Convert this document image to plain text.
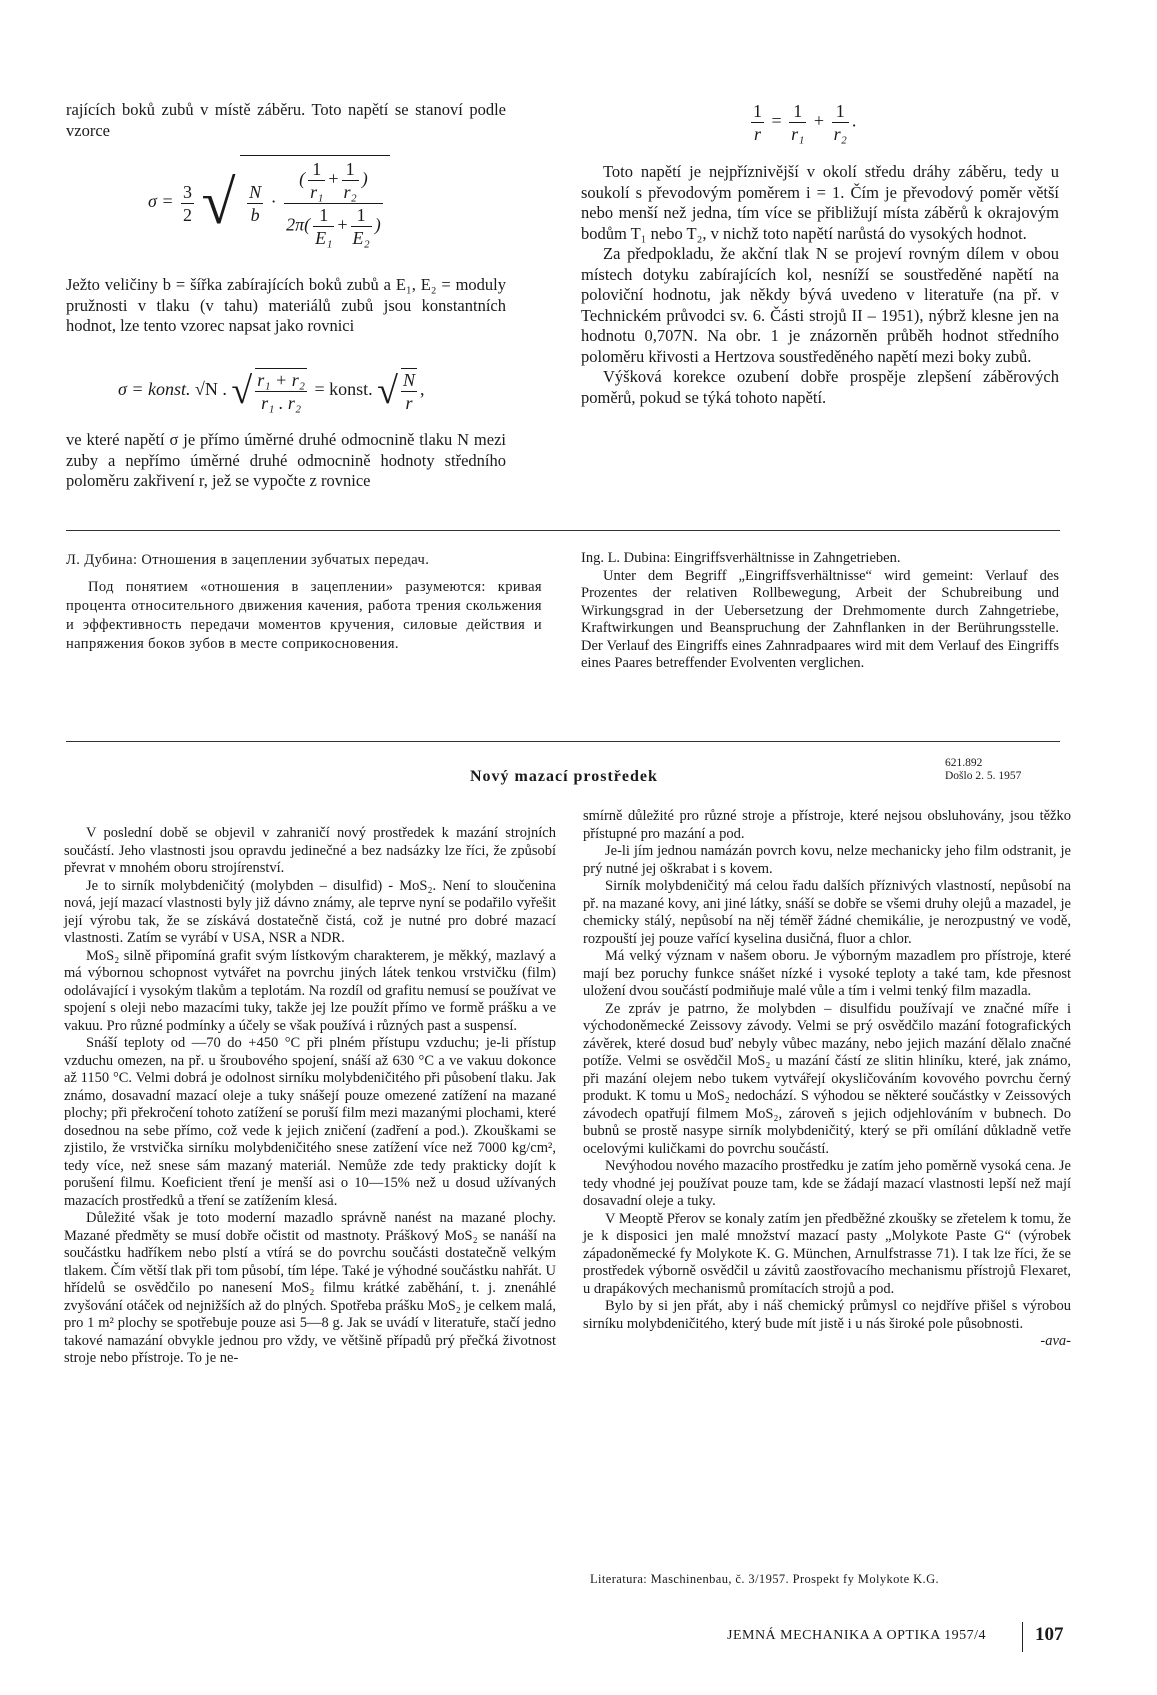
rajících boků zubů v místě záběru. Toto napětí se stanoví podle vzorce

$\sigma = \frac{3}{2}$ √ $\frac{N}{b} \cdot \frac{( \frac{1}{\text{r₁}} + \frac{1}{\text{r₂}} )}{2\pi( \frac{1}{\text{E₁}} + \frac{1}{\text{E₂}} )}$

Ježto veličiny b = šířka zabírajících boků zubů a E₁, E₂ = moduly pružnosti v tlaku (v tahu) materiálů zubů jsou konstantních hodnot, lze tento vzorec napsat jako rovnici

σ = konst. √N . √ $\frac{\text{r₁ + r₂}}{\text{r₁ . r₂}}$ = konst. √ $\frac{N}{r}$ ,

ve které napětí σ je přímo úměrné druhé odmocnině tlaku N mezi zuby a nepřímo úměrné druhé odmocnině hodnoty středního poloměru zakřivení r, jež se vypočte z rovnice

$\frac{1}{r} = \frac{1}{\text{r₁}} + \frac{1}{\text{r₂}}$ .

Toto napětí je nejpříznivější v okolí středu dráhy záběru, tedy u soukolí s převodovým poměrem i = 1. Čím je převodový poměr větší nebo menší než jedna, tím více se přibližují místa záběrů k okrajovým bodům T₁ nebo T₂, v nichž toto napětí narůstá do vysokých hodnot.

Za předpokladu, že akční tlak N se projeví rovným dílem v obou místech dotyku zabírajících kol, nesníží se soustředěné napětí na poloviční hodnotu, jak někdy bývá uvedeno v literatuře (na př. v Technickém průvodci sv. 6. Části strojů II – 1951), nýbrž klesne jen na hodnotu 0,707N. Na obr. 1 je znázorněn průběh hodnot středního poloměru křivosti a Hertzova soustředěného napětí mezi boky zubů.

Výšková korekce ozubení dobře prospěje zlepšení záběrových poměrů, pokud se týká tohoto napětí.

Л. Дубина: Отношения в зацеплении зубчатых передач.

Под понятием «отношения в зацеплении» разумеются: кривая процента относительного движения качения, работа трения скольжения и эффективность передачи моментов кручения, силовые действия и напряжения боков зубов в месте соприкосновения.

Ing. L. Dubina: Eingriffsverhältnisse in Zahngetrieben.

Unter dem Begriff „Eingriffsverhältnisse“ wird gemeint: Verlauf des Prozentes der relativen Rollbewegung, Arbeit der Schubreibung und Wirkungsgrad in der Uebersetzung der Drehmomente durch Zahngetriebe, Kraftwirkungen und Beanspruchung der Zahnflanken in der Berührungsstelle. Der Verlauf des Eingriffs eines Zahnradpaares wird mit dem Verlauf des Eingriffs eines Paares betreffender Evolventen verglichen.

Nový mazací prostředek
621.892
Došlo 2. 5. 1957

V poslední době se objevil v zahraničí nový prostředek k mazání strojních součástí. Jeho vlastnosti jsou opravdu jedinečné a bez nadsázky lze říci, že způsobí převrat v mnohém oboru strojírenství.

Je to sirník molybdeničitý (molybden – disulfid) - MoS₂. Není to sloučenina nová, její mazací vlastnosti byly již dávno známy, ale teprve nyní se podařilo vyřešit její výrobu tak, že se získává dostatečně čistá, což je nutné pro dobré mazací vlastnosti. Zatím se vyrábí v USA, NSR a NDR.

MoS₂ silně připomíná grafit svým lístkovým charakterem, je měkký, mazlavý a má výbornou schopnost vytvářet na povrchu jiných látek tenkou vrstvičku (film) odolávající i vysokým tlakům a teplotám. Na rozdíl od grafitu nemusí se používat ve spojení s oleji nebo mazacími tuky, takže jej lze použít přímo ve formě prášku a ve vakuu. Pro různé podmínky a účely se však používá i různých past a suspensí.

Snáší teploty od —70 do +450 °C při plném přístupu vzduchu; je-li přístup vzduchu omezen, na př. u šroubového spojení, snáší až 630 °C a ve vakuu dokonce až 1150 °C. Velmi dobrá je odolnost sirníku molybdeničitého při působení tlaku. Jak známo, dosavadní mazací oleje a tuky snášejí pouze omezené zatížení na mazané plochy; při překročení tohoto zatížení se poruší film mezi mazanými plochami, které dosednou na sebe přímo, což vede k jejich zničení (zadření a pod.). Zkouškami se zjistilo, že vrstvička sirníku molybdeničitého snese zatížení více než 7000 kg/cm², tedy více, než snese sám mazaný materiál. Nemůže zde tedy prakticky dojít k porušení filmu. Koeficient tření je menší asi o 10—15% než u dosud užívaných mazacích prostředků a tření se zatížením klesá.

Důležité však je toto moderní mazadlo správně nanést na mazané plochy. Mazané předměty se musí dobře očistit od mastnoty. Práškový MoS₂ se nanáší na součástku hadříkem nebo plstí a vtírá se do povrchu součásti dostatečně velkým tlakem. Čím větší tlak při tom působí, tím lépe. Také je výhodné součástku nahřát. U hřídelů se osvědčilo po nanesení MoS₂ filmu krátké zaběhání, t. j. znenáhlé zvyšování otáček od nejnižších až do plných. Spotřeba prášku MoS₂ je celkem malá, pro 1 m² plochy se spotřebuje pouze asi 5—8 g. Jak se uvádí v literatuře, stačí jedno takové namazání obvykle jednou pro vždy, ve většině případů prý přečká životnost stroje nebo přístroje. To je ne-

smírně důležité pro různé stroje a přístroje, které nejsou obsluhovány, jsou těžko přístupné pro mazání a pod.

Je-li jím jednou namázán povrch kovu, nelze mechanicky jeho film odstranit, je prý nutné jej oškrabat i s kovem.

Sirník molybdeničitý má celou řadu dalších příznivých vlastností, nepůsobí na př. na mazané kovy, ani jiné látky, snáší se dobře se všemi druhy olejů a mazadel, je chemicky stálý, nepůsobí na něj téměř žádné chemikálie, je nerozpustný ve vodě, rozpouští jej pouze vařící kyselina dusičná, fluor a chlor.

Má velký význam v našem oboru. Je výborným mazadlem pro přístroje, které mají bez poruchy funkce snášet nízké i vysoké teploty a také tam, kde přesnost uložení dvou součástí podmiňuje malé vůle a tím i velmi tenký film mazadla.

Ze zpráv je patrno, že molybden – disulfidu používají ve značné míře i východoněmecké Zeissovy závody. Velmi se prý osvědčilo mazání fotografických závěrek, které dosud buď nebyly vůbec mazány, nebo jejich mazání dělalo značné potíže. Velmi se osvědčil MoS₂ u mazání částí ze slitin hliníku, které, jak známo, při mazání olejem nebo tukem vytvářejí okysličováním kovového povrchu černý produkt. K tomu u MoS₂ nedochází. S výhodou se některé součástky v Zeissových závodech opatřují filmem MoS₂, zároveň s jejich odjehlováním v bubnech. Do bubnů se prostě nasype sirník molybdeničitý, který se při omílání důkladně vetře ocelovými kuličkami do povrchu součástí.

Nevýhodou nového mazacího prostředku je zatím jeho poměrně vysoká cena. Je tedy vhodné jej používat pouze tam, kde se žádají mazací vlastnosti lepší než mají dosavadní oleje a tuky.

V Meoptě Přerov se konaly zatím jen předběžné zkoušky se zřetelem k tomu, že je k disposici jen malé množství mazací pasty „Molykote Paste G“ (výrobek západoněmecké fy Molykote K. G. München, Arnulfstrasse 71). I tak lze říci, že se prostředek výborně osvědčil u závitů zaostřovacího mechanismu přístrojů Flexaret, u drapákových mechanismů promítacích strojů a pod.

Bylo by si jen přát, aby i náš chemický průmysl co nejdříve přišel s výrobou sirníku molybdeničitého, který bude mít jistě i u nás široké pole působnosti.

-ava-

Literatura: Maschinenbau, č. 3/1957. Prospekt fy Molykote K.G.
JEMNÁ MECHANIKA A OPTIKA 1957/4	107
